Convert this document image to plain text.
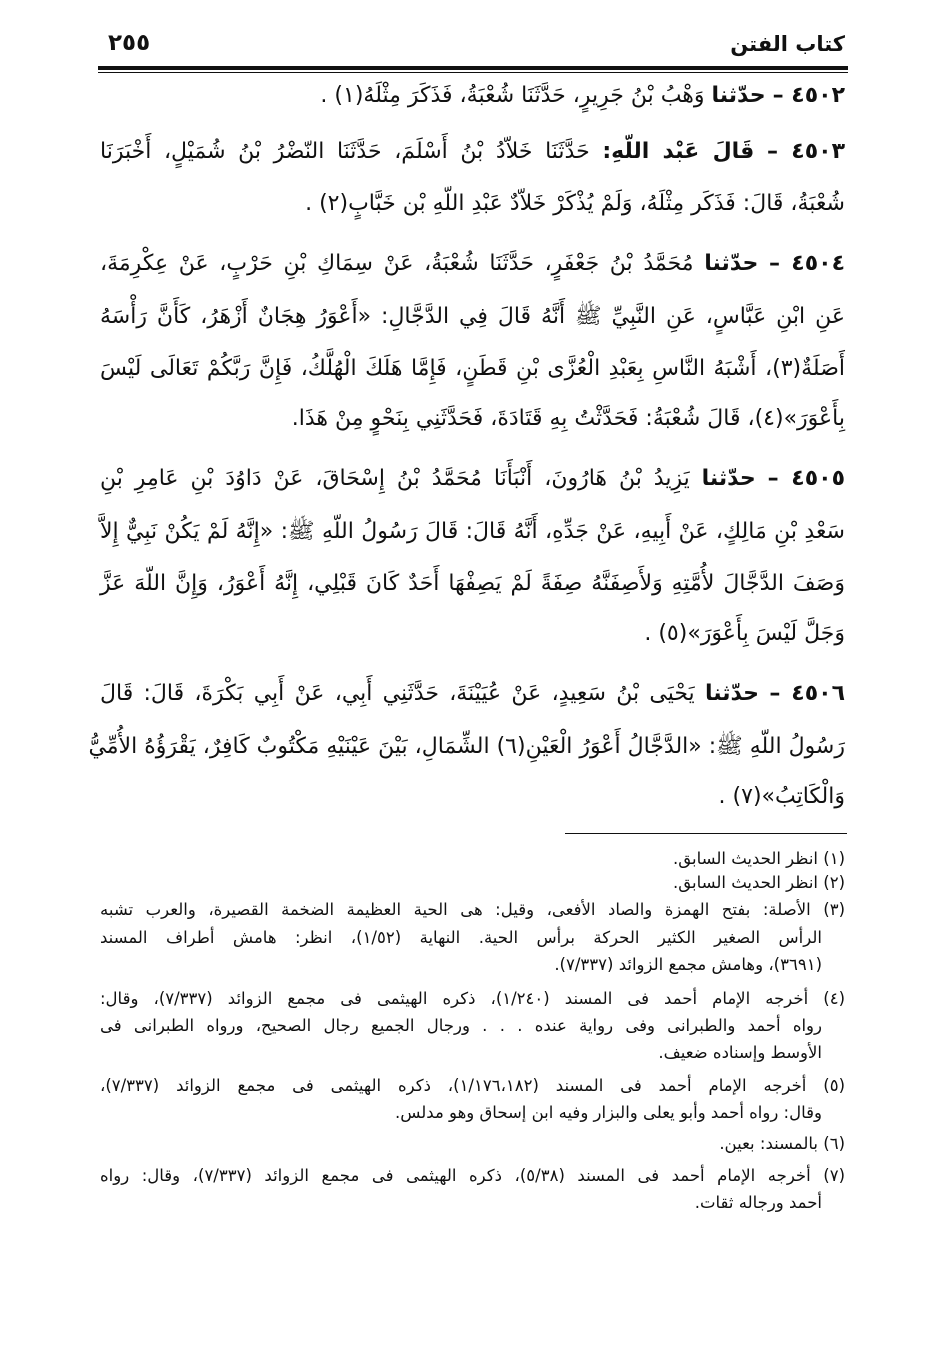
كتاب الفتن
٢٥٥
٤٥٠٢ – حدّثنا وَهْبُ بْنُ جَرِيرٍ، حَدَّثَنَا شُعْبَةُ، فَذَكَرَ مِثْلَهُ(١) .
٤٥٠٣ – قَالَ عَبْد اللّهِ: حَدَّثَنَا خَلاّدُ بْنُ أَسْلَمَ، حَدَّثَنَا النّضْرُ بْنُ شُمَيْلٍ، أَخْبَرَنَا
شُعْبَةُ، قَالَ: فَذَكَر مِثْلَهُ، وَلَمْ يُذْكَرْ خَلاّدٌ عَبْدِ اللّهِ بْن خَبَّابٍ(٢) .
٤٥٠٤ – حدّثنا مُحَمَّدُ بْنُ جَعْفَرٍ، حَدَّثَنَا شُعْبَةُ، عَنْ سِمَاكِ بْنِ حَرْبٍ، عَنْ عِكْرِمَةَ،
عَنِ ابْنِ عَبَّاسٍ، عَنِ النَّبِيِّ ﷺ أَنَّهُ قَالَ فِي الدَّجَّالِ: «أَعْوَرُ هِجَانٌ أَزْهَرُ، كَأَنَّ رَأْسَهُ
أَصَلَةٌ(٣)، أَشْبَهُ النَّاسِ بِعَبْدِ الْعُزَّى بْنِ قَطَنٍ، فَإِمَّا هَلَكَ الْهُلَّكُ، فَإِنَّ رَبَّكُمْ تَعَالَى لَيْسَ
بِأَعْوَرَ»(٤)، قَالَ شُعْبَةُ: فَحَدَّثْتُ بِهِ قَتَادَةَ، فَحَدَّثَنِي بِنَحْوٍ مِنْ هَذَا.
٤٥٠٥ – حدّثنا يَزِيدُ بْنُ هَارُونَ، أَنْبَأَنَا مُحَمَّدُ بْنُ إِسْحَاقَ، عَنْ دَاوُدَ بْنِ عَامِرِ بْنِ
سَعْدِ بْنِ مَالِكٍ، عَنْ أَبِيهِ، عَنْ جَدِّهِ، أَنَّهُ قَالَ: قَالَ رَسُولُ اللّهِ ﷺ: «إِنَّهُ لَمْ يَكُنْ نَبِيٌّ إِلاَّ
وَصَفَ الدَّجَّالَ لأُمَّتِهِ وَلأَصِفَنَّهُ صِفَةً لَمْ يَصِفْهَا أَحَدٌ كَانَ قَبْلِي، إِنَّهُ أَعْوَرُ، وَإِنَّ اللّهَ عَزَّ
وَجَلَّ لَيْسَ بِأَعْوَرَ»(٥) .
٤٥٠٦ – حدّثنا يَحْيَى بْنُ سَعِيدٍ، عَنْ عُيَيْنَةَ، حَدَّثَنِي أَبِي، عَنْ أَبِي بَكْرَةَ، قَالَ: قَالَ
رَسُولُ اللّهِ ﷺ: «الدَّجَّالُ أَعْوَرُ الْعَيْنِ(٦) الشِّمَالِ، بَيْنَ عَيْنَيْهِ مَكْتُوبٌ كَافِرٌ، يَقْرَؤُهُ الأُمِّيُّ
وَالْكَاتِبُ»(٧) .
(١) انظر الحديث السابق.
(٢) انظر الحديث السابق.
(٣) الأصلة: بفتح الهمزة والصاد الأفعى، وقيل: هى الحية العظيمة الضخمة القصيرة، والعرب تشبه
الرأس الصغير الكثير الحركة برأس الحية. النهاية (١/٥٢)، انظر: هامش أطراف المسند
(٣٦٩١)، وهامش مجمع الزوائد (٧/٣٣٧).
(٤) أخرجه الإمام أحمد فى المسند (١/٢٤٠)، ذكره الهيثمى فى مجمع الزوائد (٧/٣٣٧)، وقال:
رواه أحمد والطبرانى وفى رواية عنده . . . ورجال الجميع رجال الصحيح، ورواه الطبرانى فى
الأوسط وإسناده ضعيف.
(٥) أخرجه الإمام أحمد فى المسند (١/١٧٦،١٨٢)، ذكره الهيثمى فى مجمع الزوائد (٧/٣٣٧)،
وقال: رواه أحمد وأبو يعلى والبزار وفيه ابن إسحاق وهو مدلس.
(٦) بالمسند: بعين.
(٧) أخرجه الإمام أحمد فى المسند (٥/٣٨)، ذكره الهيثمى فى مجمع الزوائد (٧/٣٣٧)، وقال: رواه
أحمد ورجاله ثقات.
